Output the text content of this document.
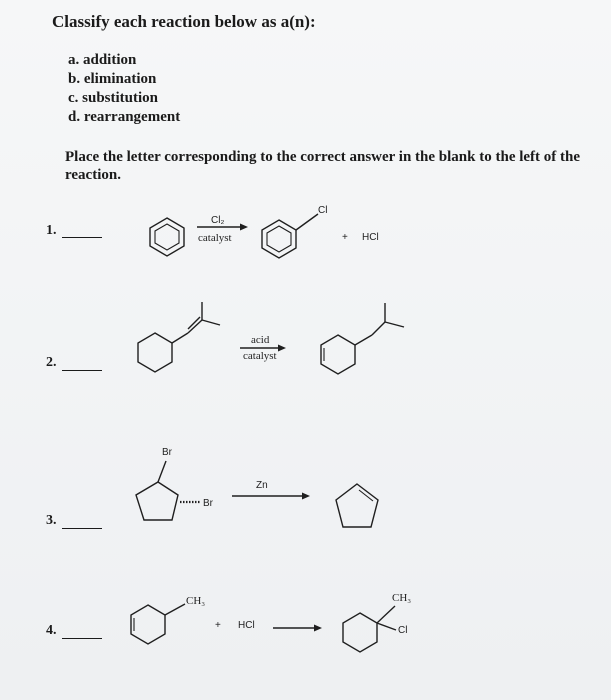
Classify each reaction below as a(n):
a. addition
b. elimination
c. substitution
d. rearrangement
Place the letter corresponding to the correct answer in the blank to the left of the reaction.
1.
Cl₂
catalyst
Cl
+ HCl
2.
acid
catalyst
3.
Br
Br
Zn
4.
CH₃
+ HCl
CH₃
Cl
